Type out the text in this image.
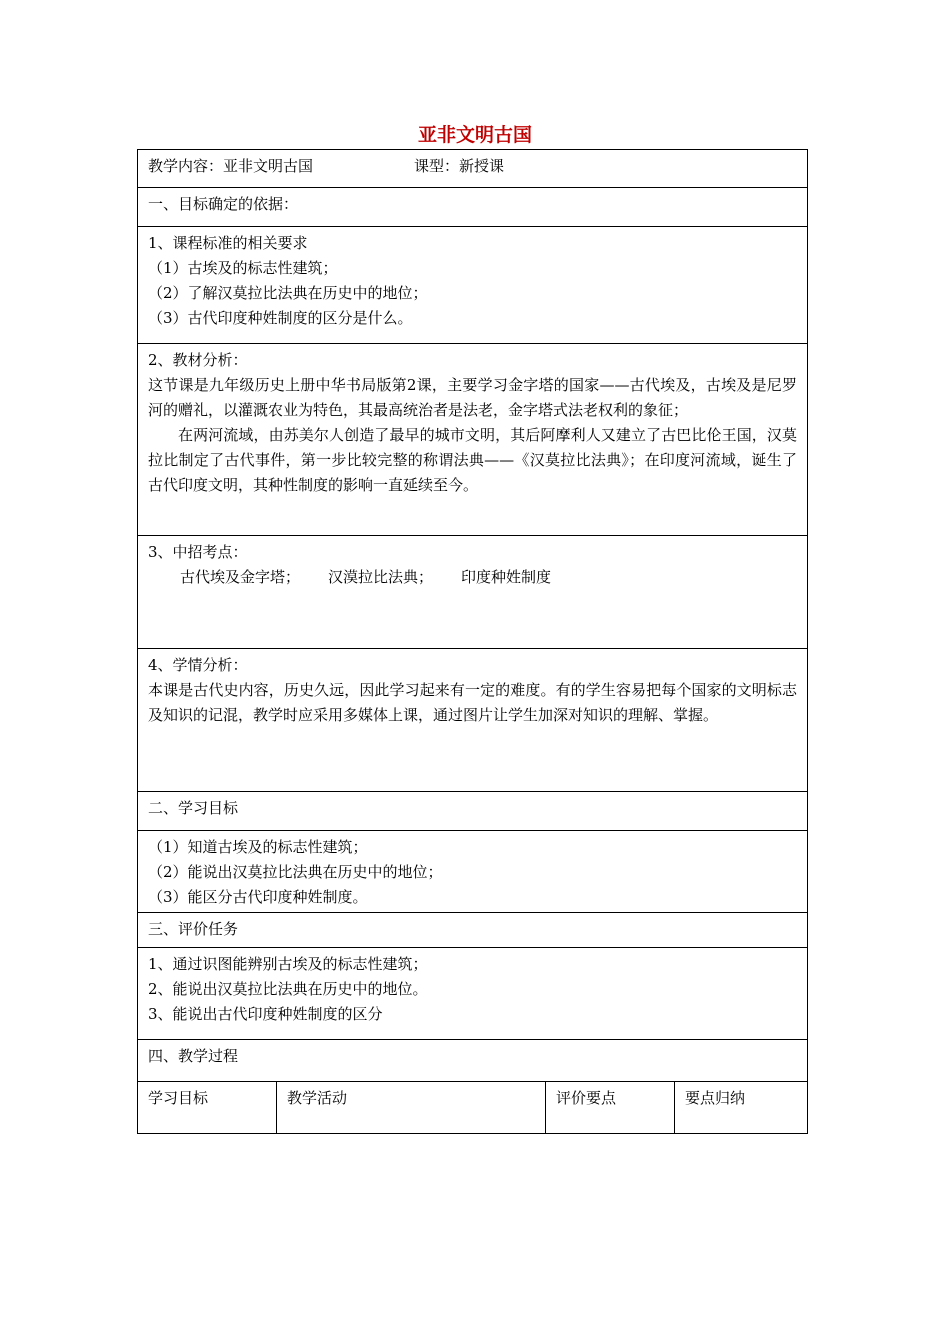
亚非文明古国
教学内容：亚非文明古国	课型：新授课
一、目标确定的依据：
1、课程标准的相关要求
（1）古埃及的标志性建筑；
（2）了解汉莫拉比法典在历史中的地位；
（3）古代印度种姓制度的区分是什么。
2、教材分析：
这节课是九年级历史上册中华书局版第2课，主要学习金字塔的国家——古代埃及，古埃及是尼罗河的赠礼，以灌溉农业为特色，其最高统治者是法老，金字塔式法老权利的象征；
在两河流域，由苏美尔人创造了最早的城市文明，其后阿摩利人又建立了古巴比伦王国，汉莫拉比制定了古代事件，第一步比较完整的称谓法典——《汉莫拉比法典》；在印度河流域，诞生了古代印度文明，其种性制度的影响一直延续至今。
3、中招考点：
古代埃及金字塔； 汉漠拉比法典； 印度种姓制度
4、学情分析：
本课是古代史内容，历史久远，因此学习起来有一定的难度。有的学生容易把每个国家的文明标志及知识的记混，教学时应采用多媒体上课，通过图片让学生加深对知识的理解、掌握。
二、学习目标
（1）知道古埃及的标志性建筑；
（2）能说出汉莫拉比法典在历史中的地位；
（3）能区分古代印度种姓制度。
三、评价任务
1、通过识图能辨别古埃及的标志性建筑；
2、能说出汉莫拉比法典在历史中的地位。
3、能说出古代印度种姓制度的区分
四、教学过程
学习目标	教学活动	评价要点	要点归纳
